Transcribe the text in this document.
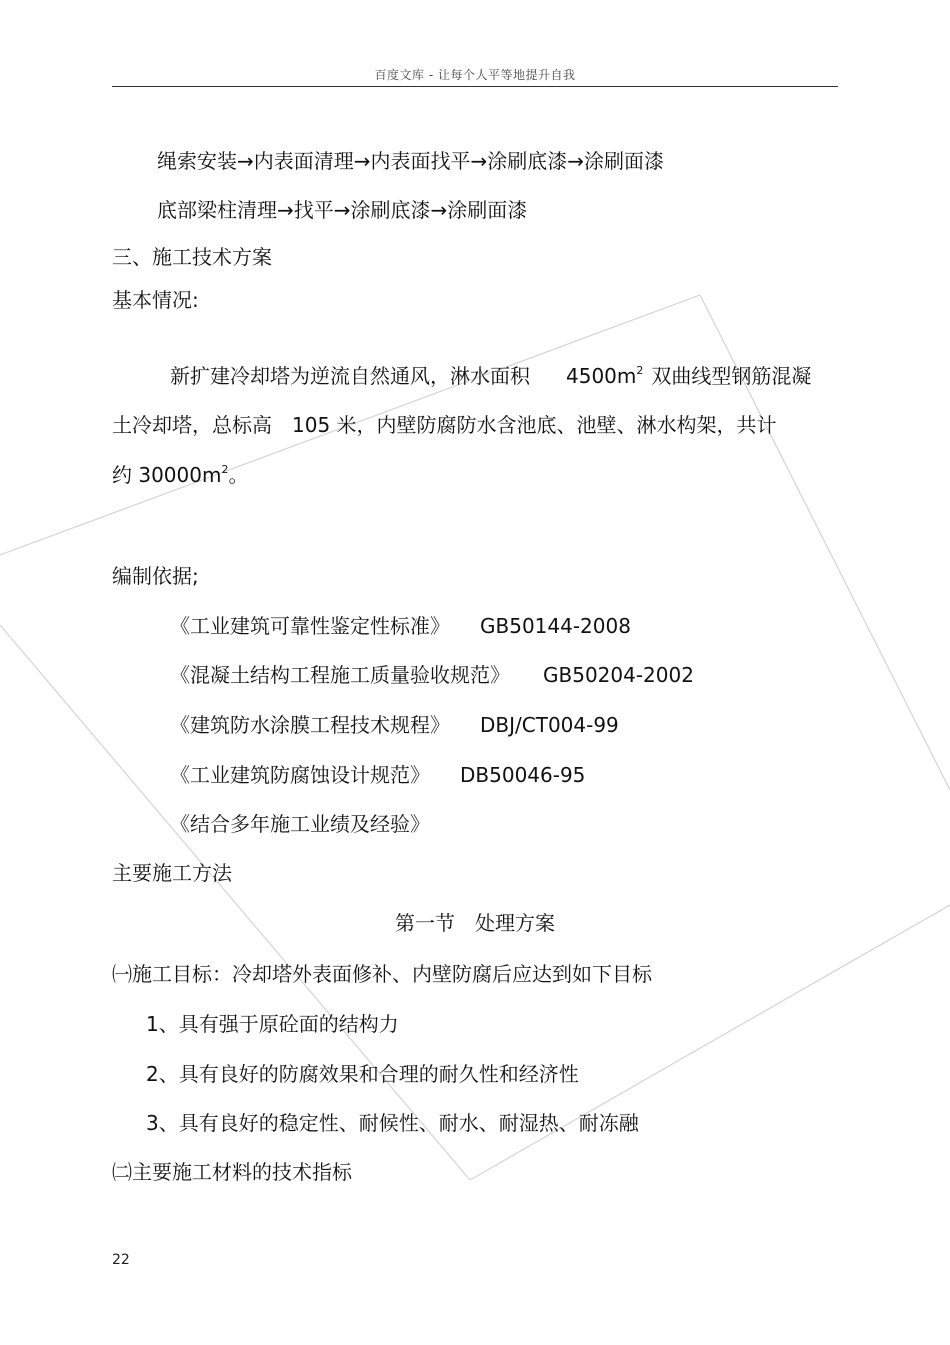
百度文库 - 让每个人平等地提升自我
绳索安装→内表面清理→内表面找平→涂刷底漆→涂刷面漆
底部梁柱清理→找平→涂刷底漆→涂刷面漆
三、施工技术方案
基本情况:
新扩建冷却塔为逆流自然通风，淋水面积 $4500m^2$ 双曲线型钢筋混凝
土冷却塔，总标高 105 米，内壁防腐防水含池底、池壁、淋水构架，共计
约 $30000m^2$。
编制依据;
《工业建筑可靠性鉴定性标准》 GB50144-2008
《混凝土结构工程施工质量验收规范》 GB50204-2002
《建筑防水涂膜工程技术规程》 DBJ/CT004-99
《工业建筑防腐蚀设计规范》 DB50046-95
《结合多年施工业绩及经验》
主要施工方法
第一节 处理方案
㈠施工目标：冷却塔外表面修补、内壁防腐后应达到如下目标
1、具有强于原砼面的结构力
2、具有良好的防腐效果和合理的耐久性和经济性
3、具有良好的稳定性、耐候性、耐水、耐湿热、耐冻融
㈡主要施工材料的技术指标
22
